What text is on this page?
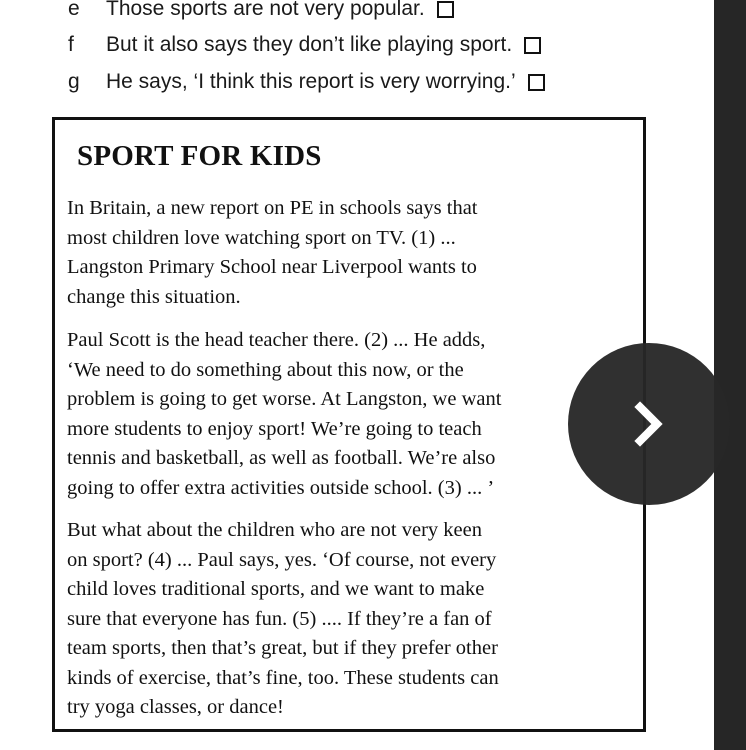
e Those sports are not very popular.
f But it also says they don’t like playing sport.
g He says, ‘I think this report is very worrying.’
SPORT FOR KIDS

In Britain, a new report on PE in schools says that
most children love watching sport on TV. (1) ...
Langston Primary School near Liverpool wants to
change this situation.

Paul Scott is the head teacher there. (2) ... He adds,
‘We need to do something about this now, or the
problem is going to get worse. At Langston, we want
more students to enjoy sport! We’re going to teach
tennis and basketball, as well as football. We’re also
going to offer extra activities outside school. (3) ... ’

But what about the children who are not very keen
on sport? (4) ... Paul says, yes. ‘Of course, not every
child loves traditional sports, and we want to make
sure that everyone has fun. (5) .... If they’re a fan of
team sports, then that’s great, but if they prefer other
kinds of exercise, that’s fine, too. These students can
try yoga classes, or dance!
